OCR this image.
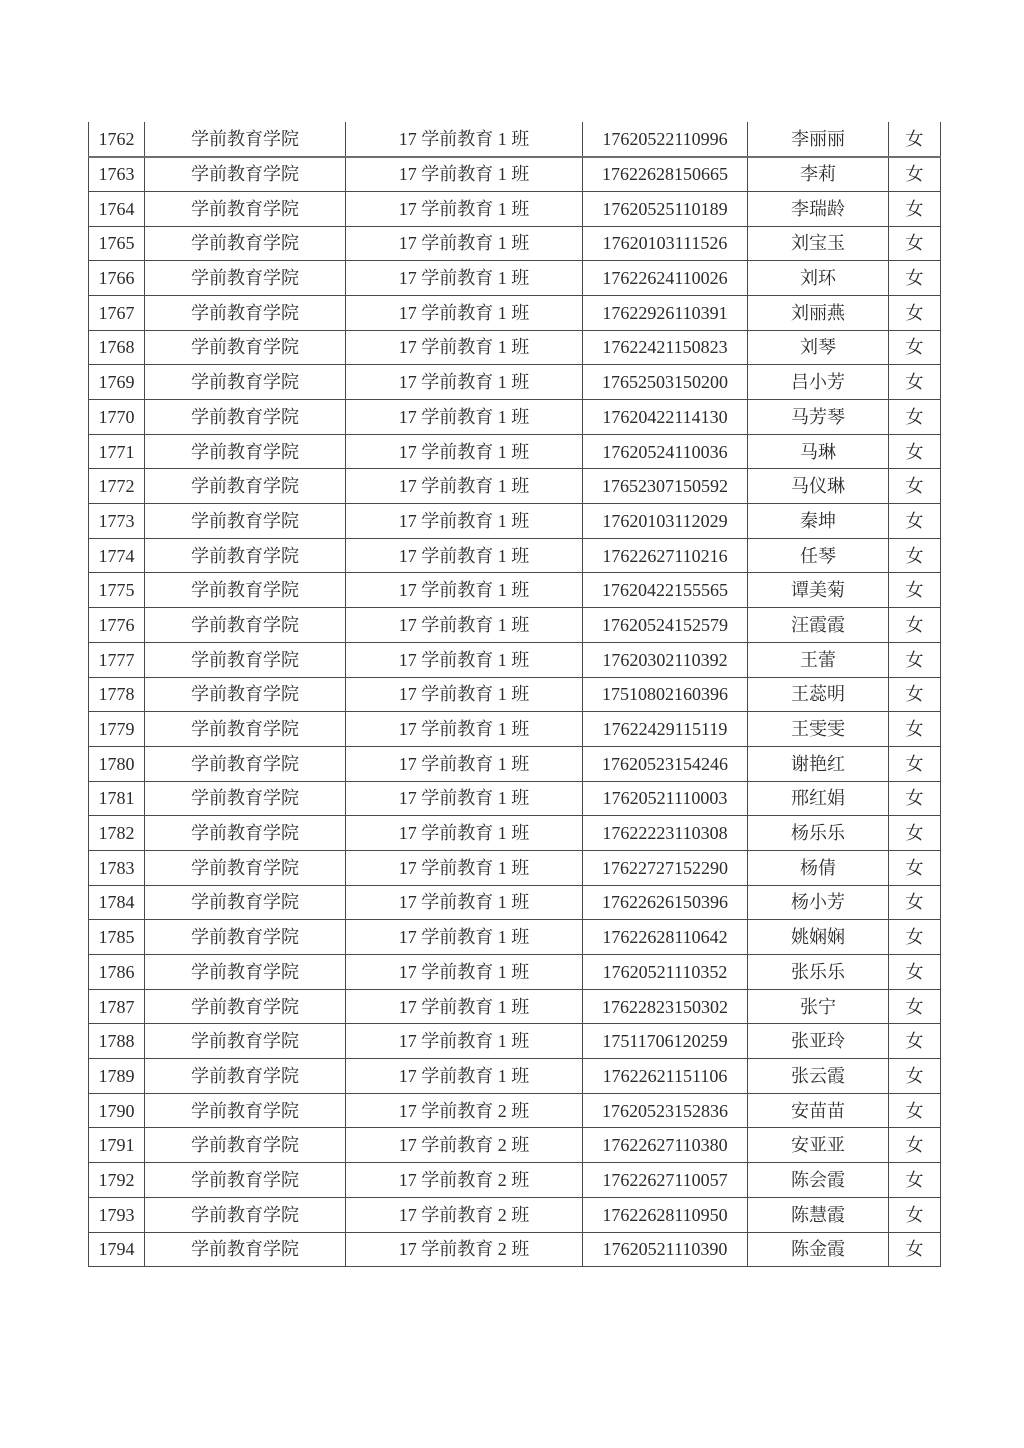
1762	学前教育学院	17 学前教育 1 班	17620522110996	李丽丽	女
1763	学前教育学院	17 学前教育 1 班	17622628150665	李莉	女
1764	学前教育学院	17 学前教育 1 班	17620525110189	李瑞龄	女
1765	学前教育学院	17 学前教育 1 班	17620103111526	刘宝玉	女
1766	学前教育学院	17 学前教育 1 班	17622624110026	刘环	女
1767	学前教育学院	17 学前教育 1 班	17622926110391	刘丽燕	女
1768	学前教育学院	17 学前教育 1 班	17622421150823	刘琴	女
1769	学前教育学院	17 学前教育 1 班	17652503150200	吕小芳	女
1770	学前教育学院	17 学前教育 1 班	17620422114130	马芳琴	女
1771	学前教育学院	17 学前教育 1 班	17620524110036	马琳	女
1772	学前教育学院	17 学前教育 1 班	17652307150592	马仪琳	女
1773	学前教育学院	17 学前教育 1 班	17620103112029	秦坤	女
1774	学前教育学院	17 学前教育 1 班	17622627110216	任琴	女
1775	学前教育学院	17 学前教育 1 班	17620422155565	谭美菊	女
1776	学前教育学院	17 学前教育 1 班	17620524152579	汪霞霞	女
1777	学前教育学院	17 学前教育 1 班	17620302110392	王蕾	女
1778	学前教育学院	17 学前教育 1 班	17510802160396	王蕊明	女
1779	学前教育学院	17 学前教育 1 班	17622429115119	王雯雯	女
1780	学前教育学院	17 学前教育 1 班	17620523154246	谢艳红	女
1781	学前教育学院	17 学前教育 1 班	17620521110003	邢红娟	女
1782	学前教育学院	17 学前教育 1 班	17622223110308	杨乐乐	女
1783	学前教育学院	17 学前教育 1 班	17622727152290	杨倩	女
1784	学前教育学院	17 学前教育 1 班	17622626150396	杨小芳	女
1785	学前教育学院	17 学前教育 1 班	17622628110642	姚娴娴	女
1786	学前教育学院	17 学前教育 1 班	17620521110352	张乐乐	女
1787	学前教育学院	17 学前教育 1 班	17622823150302	张宁	女
1788	学前教育学院	17 学前教育 1 班	17511706120259	张亚玲	女
1789	学前教育学院	17 学前教育 1 班	17622621151106	张云霞	女
1790	学前教育学院	17 学前教育 2 班	17620523152836	安苗苗	女
1791	学前教育学院	17 学前教育 2 班	17622627110380	安亚亚	女
1792	学前教育学院	17 学前教育 2 班	17622627110057	陈会霞	女
1793	学前教育学院	17 学前教育 2 班	17622628110950	陈慧霞	女
1794	学前教育学院	17 学前教育 2 班	17620521110390	陈金霞	女
